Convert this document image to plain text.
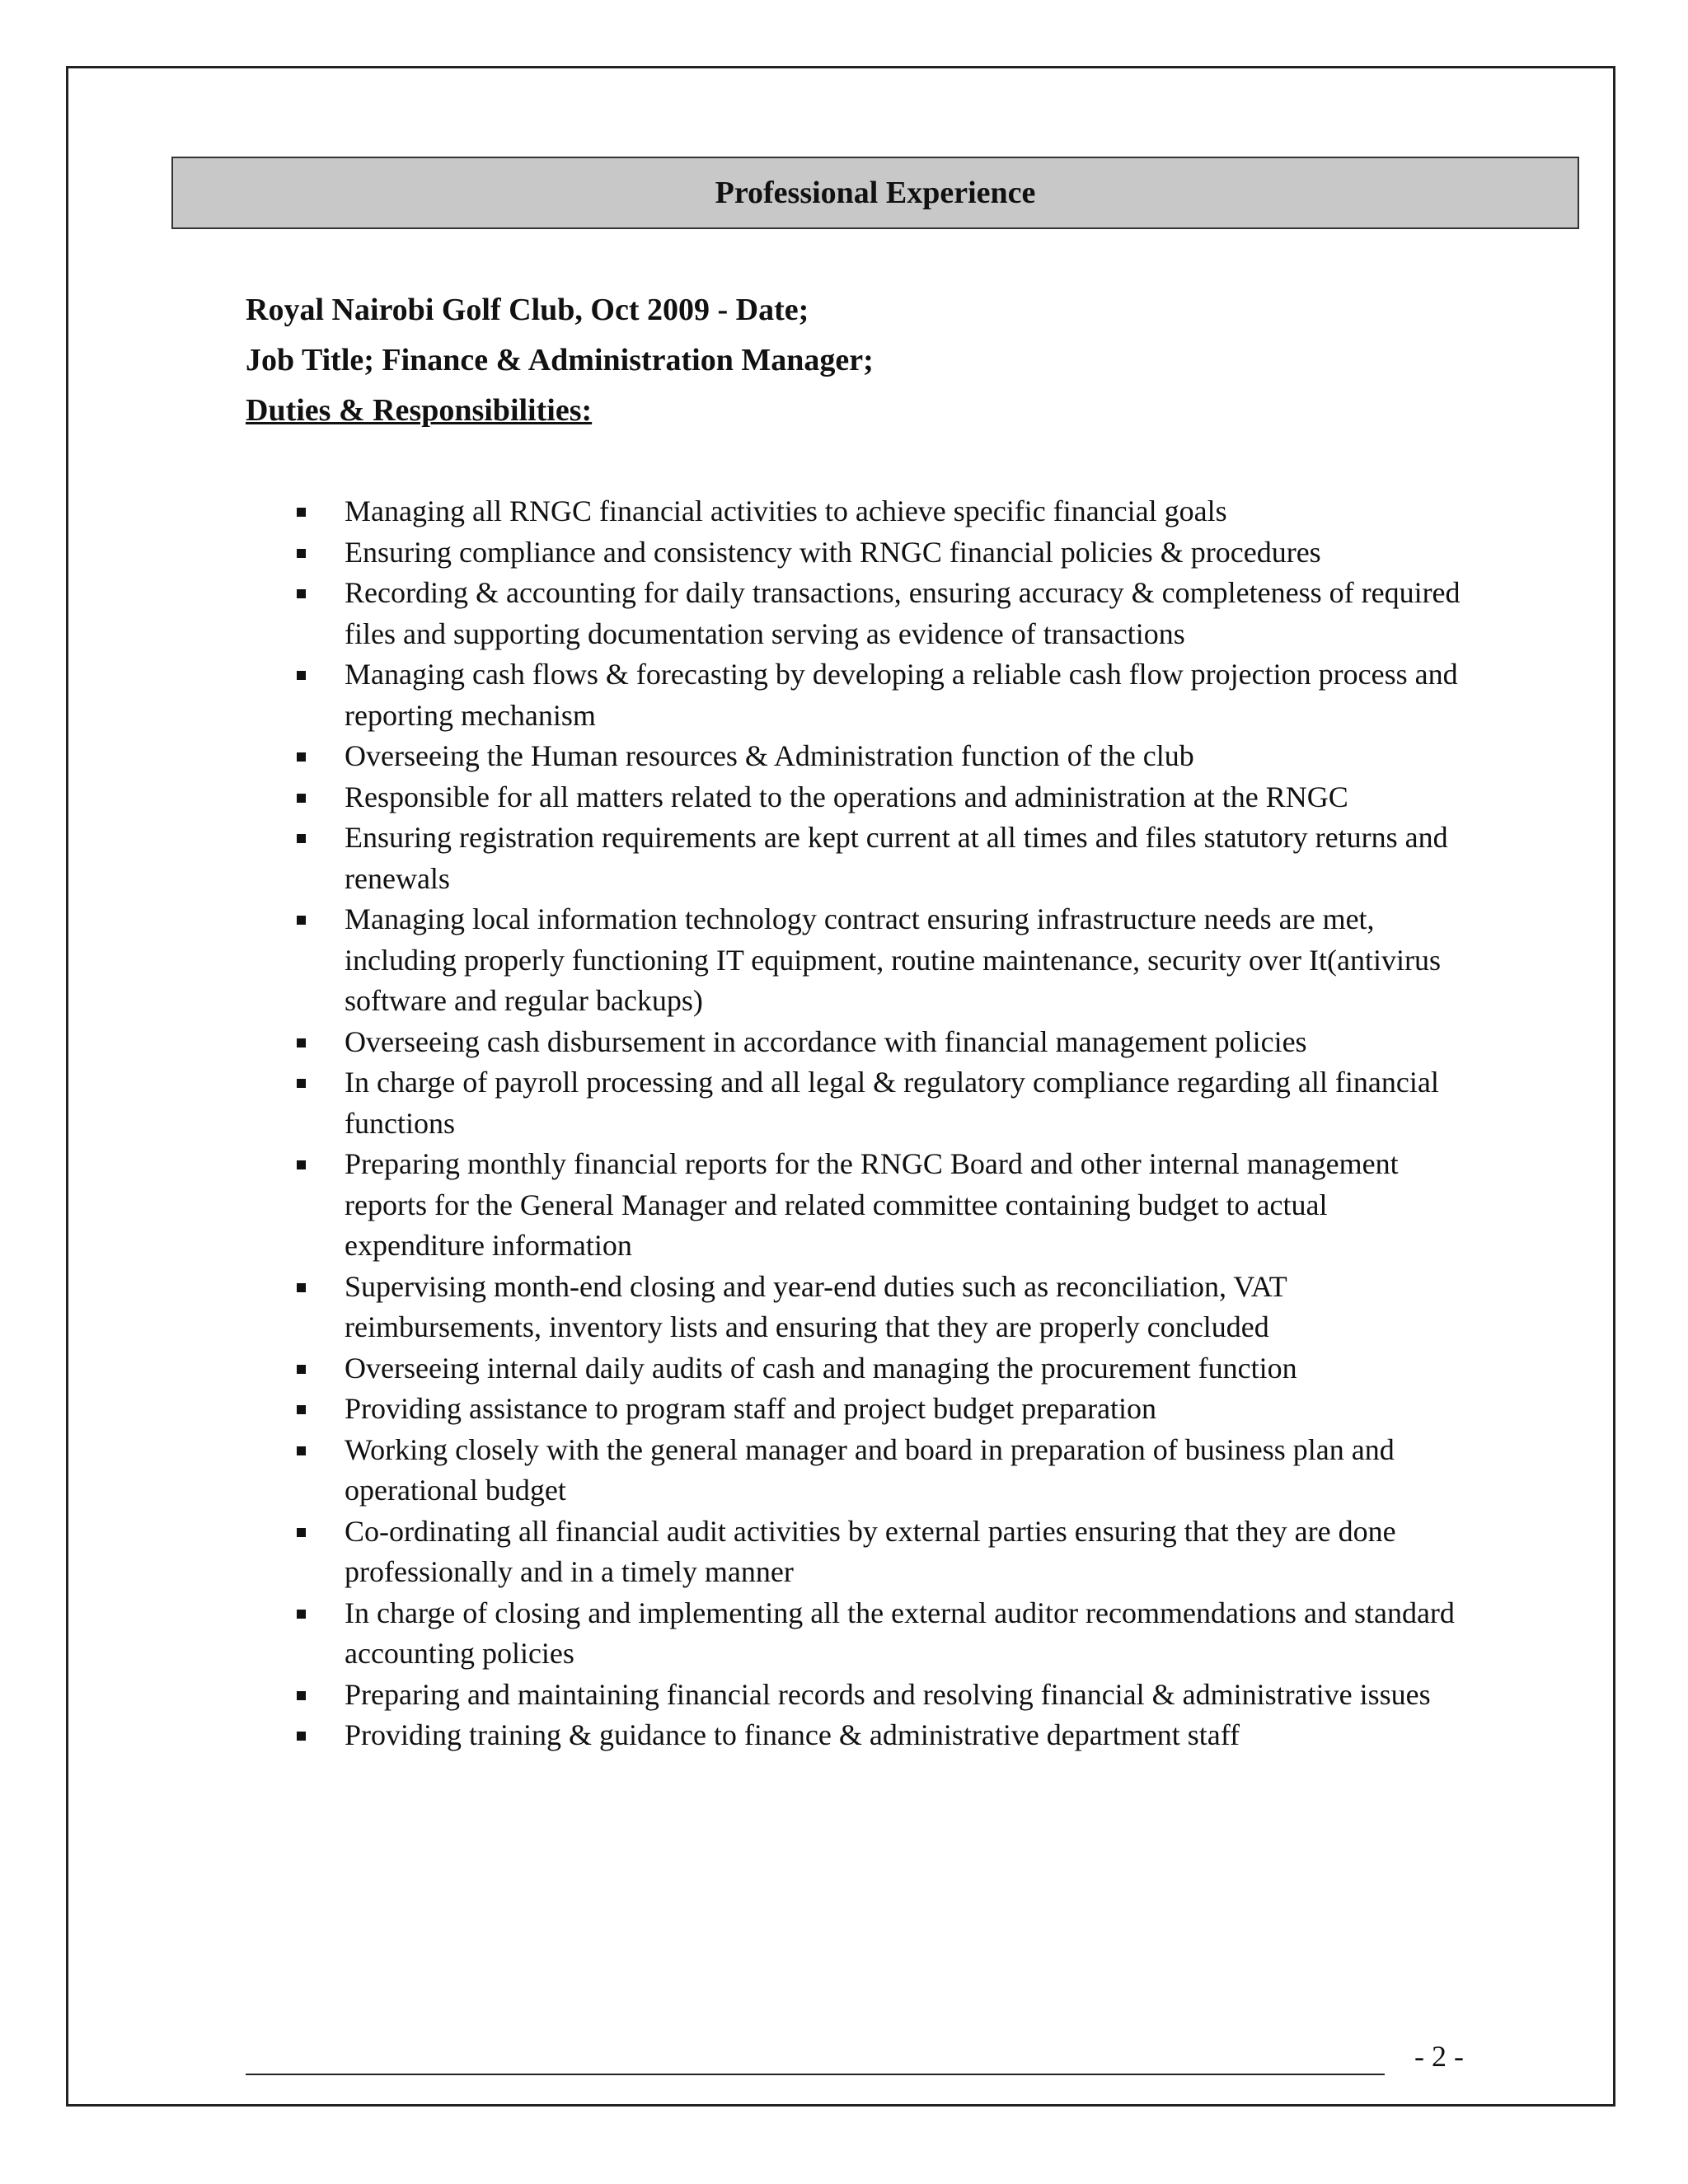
Professional Experience
Royal Nairobi Golf Club, Oct 2009 - Date;
Job Title; Finance & Administration Manager;
Duties & Responsibilities:
Managing all RNGC financial activities to achieve specific financial goals
Ensuring compliance and consistency with RNGC financial policies & procedures
Recording & accounting for daily transactions, ensuring accuracy & completeness of required files and supporting documentation serving as evidence of transactions
Managing cash flows & forecasting by developing a reliable cash flow projection process and reporting mechanism
Overseeing the Human resources & Administration function of the club
Responsible for all matters related to the operations and administration at the RNGC
Ensuring registration requirements are kept current at all times and files statutory returns and renewals
Managing local information technology contract ensuring infrastructure needs are met, including properly functioning IT equipment, routine maintenance, security over It(antivirus software and regular backups)
Overseeing cash disbursement in accordance with financial management policies
In charge of payroll processing and all legal & regulatory compliance regarding all financial functions
Preparing monthly financial reports for the RNGC Board and other internal management reports for the General Manager and related committee containing budget to actual expenditure information
Supervising month-end closing and year-end duties such as reconciliation, VAT reimbursements, inventory lists and ensuring that they are properly concluded
Overseeing internal daily audits of cash and managing the procurement function
Providing assistance to program staff and project budget preparation
Working closely with the general manager and board in preparation of business plan and operational budget
Co-ordinating all financial audit activities by external parties ensuring that they are done professionally and in a timely manner
In charge of closing and implementing all the external auditor recommendations and standard accounting policies
Preparing and maintaining financial records and resolving financial & administrative issues
Providing training & guidance to finance & administrative department staff
- 2 -
